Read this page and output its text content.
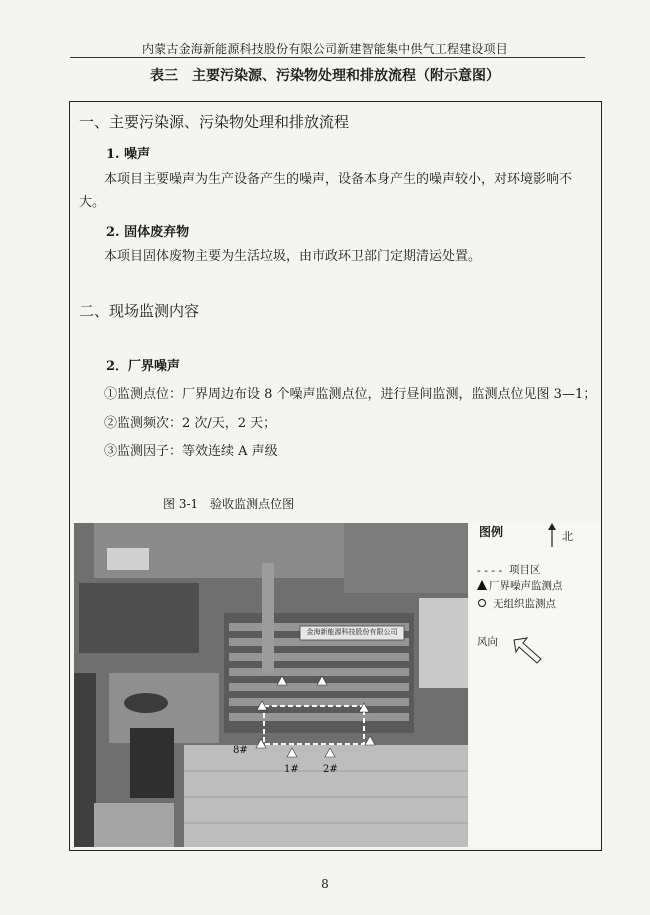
内蒙古金海新能源科技股份有限公司新建智能集中供气工程建设项目
表三　主要污染源、污染物处理和排放流程（附示意图）
一、主要污染源、污染物处理和排放流程
1. 噪声
本项目主要噪声为生产设备产生的噪声，设备本身产生的噪声较小，对环境影响不
大。
2. 固体废弃物
本项目固体废物主要为生活垃圾，由市政环卫部门定期清运处置。
二、现场监测内容
2．厂界噪声
①监测点位：厂界周边布设 8 个噪声监测点位，进行昼间监测，监测点位见图 3—1；
②监测频次：2 次/天，2 天；
③监测因子：等效连续 A 声级
图 3-1　验收监测点位图
金海新能源科技股份有限公司
8#
1# 2#
图例	北
- - - - 项目区
厂界噪声监测点
无组织监测点
风向
8
